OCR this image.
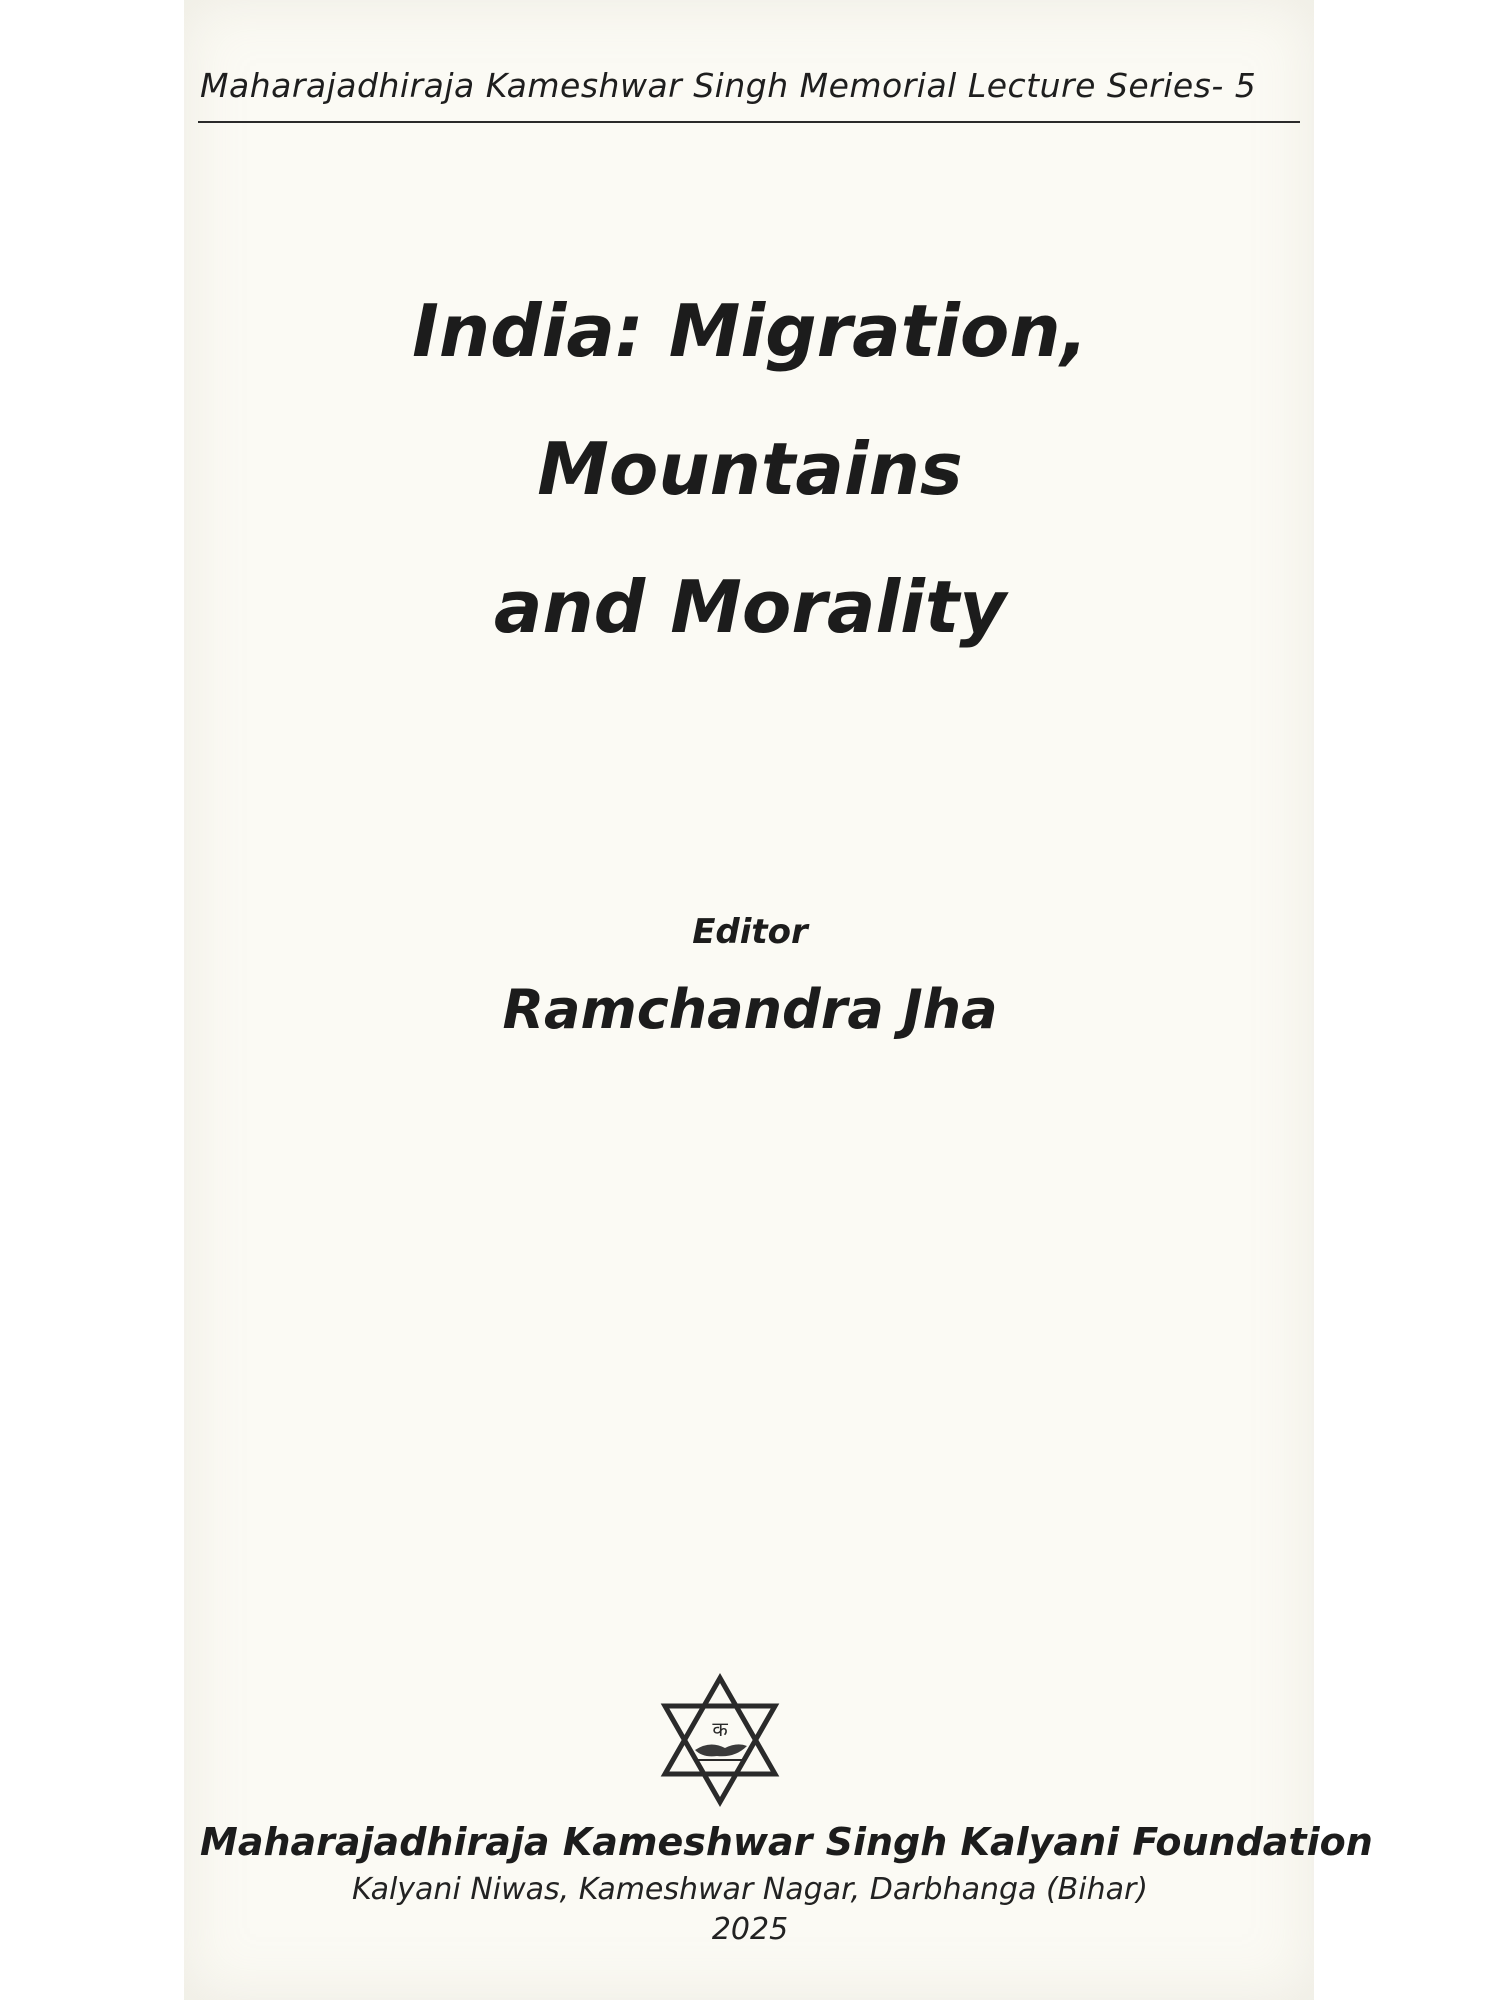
Maharajadhiraja Kameshwar Singh Memorial Lecture Series- 5
India: Migration, Mountains
and Morality
Editor
Ramchandra Jha
क
Maharajadhiraja Kameshwar Singh Kalyani Foundation
Kalyani Niwas, Kameshwar Nagar, Darbhanga (Bihar)
2025
